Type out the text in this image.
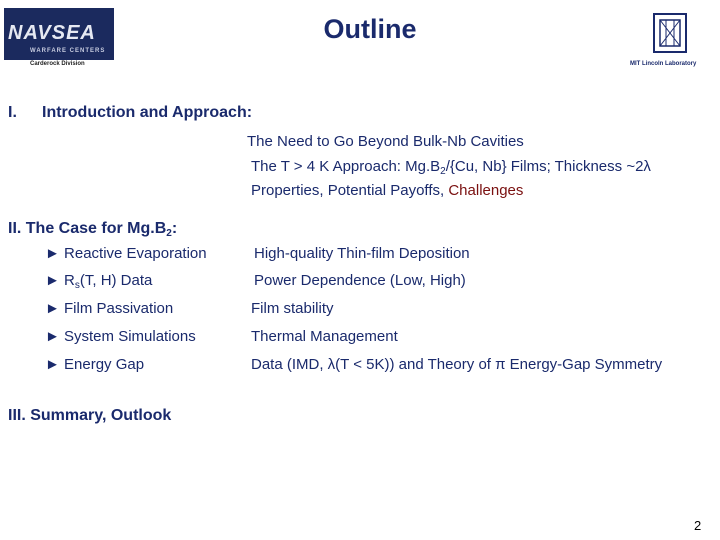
NAVSEA
WARFARE CENTERS
Carderock Division
Outline
MIT Lincoln Laboratory
I. Introduction and Approach:
The Need to Go Beyond Bulk-Nb Cavities
The T > 4 K Approach: $Mg.B_2/\{Cu$, Nb} Films; Thickness ~2λ
Properties, Potential Payoffs, Challenges
II. The Case for $Mg.B_2$:
► Reactive Evaporation	High-quality Thin-film Deposition
► $R_s(T$, H) Data	Power Dependence (Low, High)
► Film Passivation	Film stability
► System Simulations	Thermal Management
► Energy Gap	Data (IMD, λ(T < 5K)) and Theory of π Energy-Gap Symmetry
III. Summary, Outlook
2
